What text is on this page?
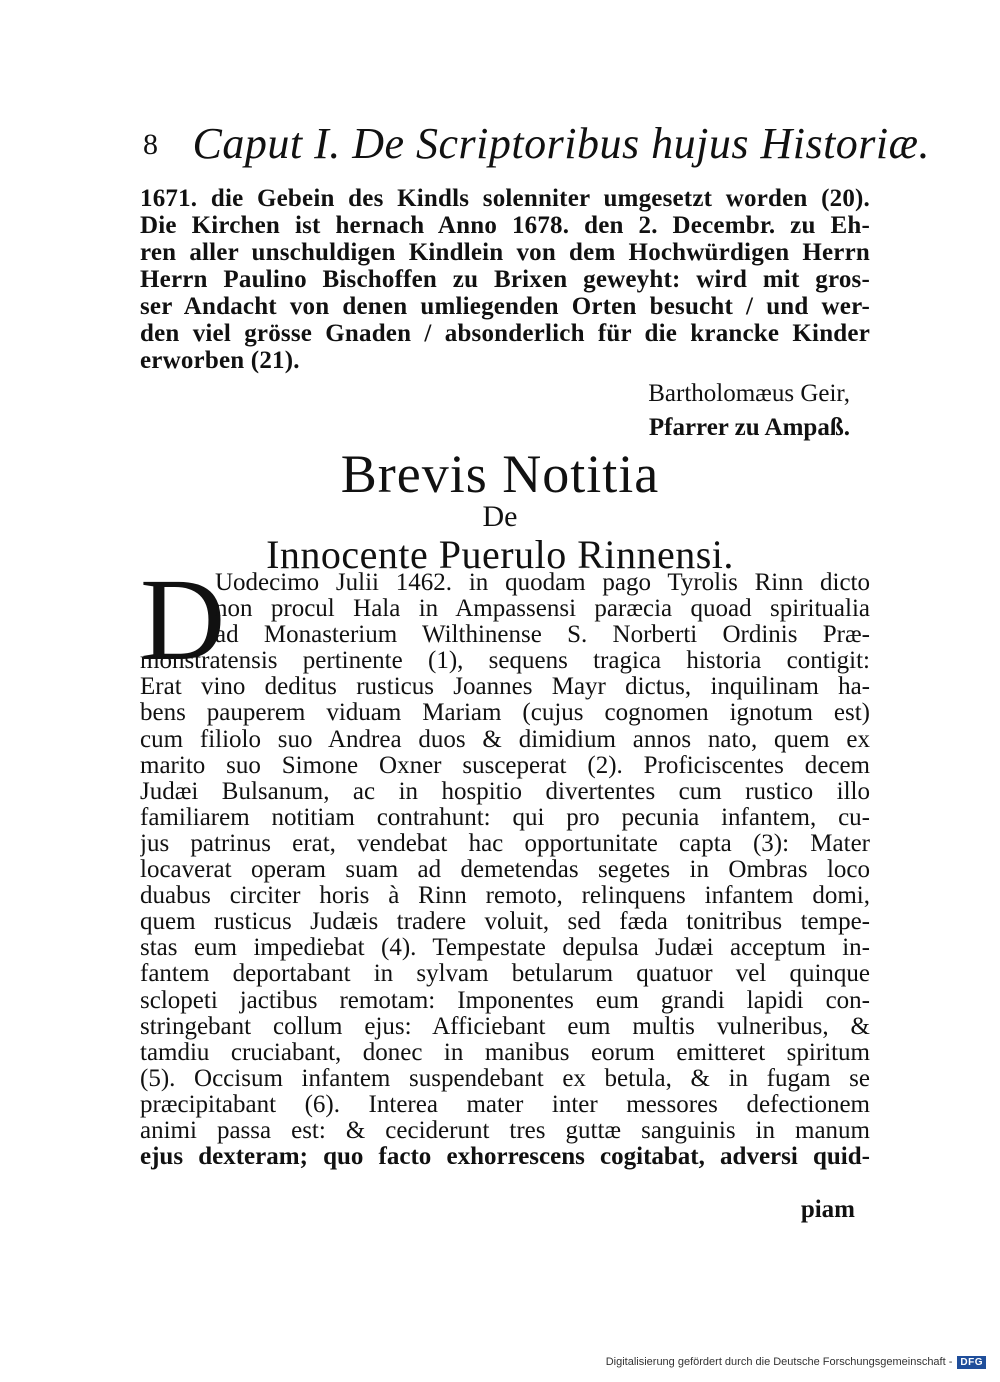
8 Caput I. De Scriptoribus hujus Historiæ.
1671. die Gebein des Kindls solenniter umgesetzt worden (20).
Die Kirchen ist hernach Anno 1678. den 2. Decembr. zu Eh-
ren aller unschuldigen Kindlein von dem Hochwürdigen Herrn
Herrn Paulino Bischoffen zu Brixen geweyht: wird mit gros-
ser Andacht von denen umliegenden Orten besucht / und wer-
den viel grösse Gnaden / absonderlich für die krancke Kinder
erworben (21).
Bartholomæus Geir,
Pfarrer zu Ampaß.
Brevis Notitia
De
Innocente Puerulo Rinnensi.
D
Uodecimo Julii 1462. in quodam pago Tyrolis Rinn dicto
non procul Hala in Ampassensi paræcia quoad spiritualia
ad Monasterium Wilthinense S. Norberti Ordinis Præ-
monstratensis pertinente (1), sequens tragica historia contigit:
Erat vino deditus rusticus Joannes Mayr dictus, inquilinam ha-
bens pauperem viduam Mariam (cujus cognomen ignotum est)
cum filiolo suo Andrea duos & dimidium annos nato, quem ex
marito suo Simone Oxner susceperat (2). Proficiscentes decem
Judæi Bulsanum, ac in hospitio divertentes cum rustico illo
familiarem notitiam contrahunt: qui pro pecunia infantem, cu-
jus patrinus erat, vendebat hac opportunitate capta (3): Mater
locaverat operam suam ad demetendas segetes in Ombras loco
duabus circiter horis à Rinn remoto, relinquens infantem domi,
quem rusticus Judæis tradere voluit, sed fæda tonitribus tempe-
stas eum impediebat (4). Tempestate depulsa Judæi acceptum in-
fantem deportabant in sylvam betularum quatuor vel quinque
sclopeti jactibus remotam: Imponentes eum grandi lapidi con-
stringebant collum ejus: Afficiebant eum multis vulneribus, &
tamdiu cruciabant, donec in manibus eorum emitteret spiritum
(5). Occisum infantem suspendebant ex betula, & in fugam se
præcipitabant (6). Interea mater inter messores defectionem
animi passa est: & ceciderunt tres guttæ sanguinis in manum
ejus dexteram; quo facto exhorrescens cogitabat, adversi quid-
piam
Digitalisierung gefördert durch die Deutsche Forschungsgemeinschaft - DFG
